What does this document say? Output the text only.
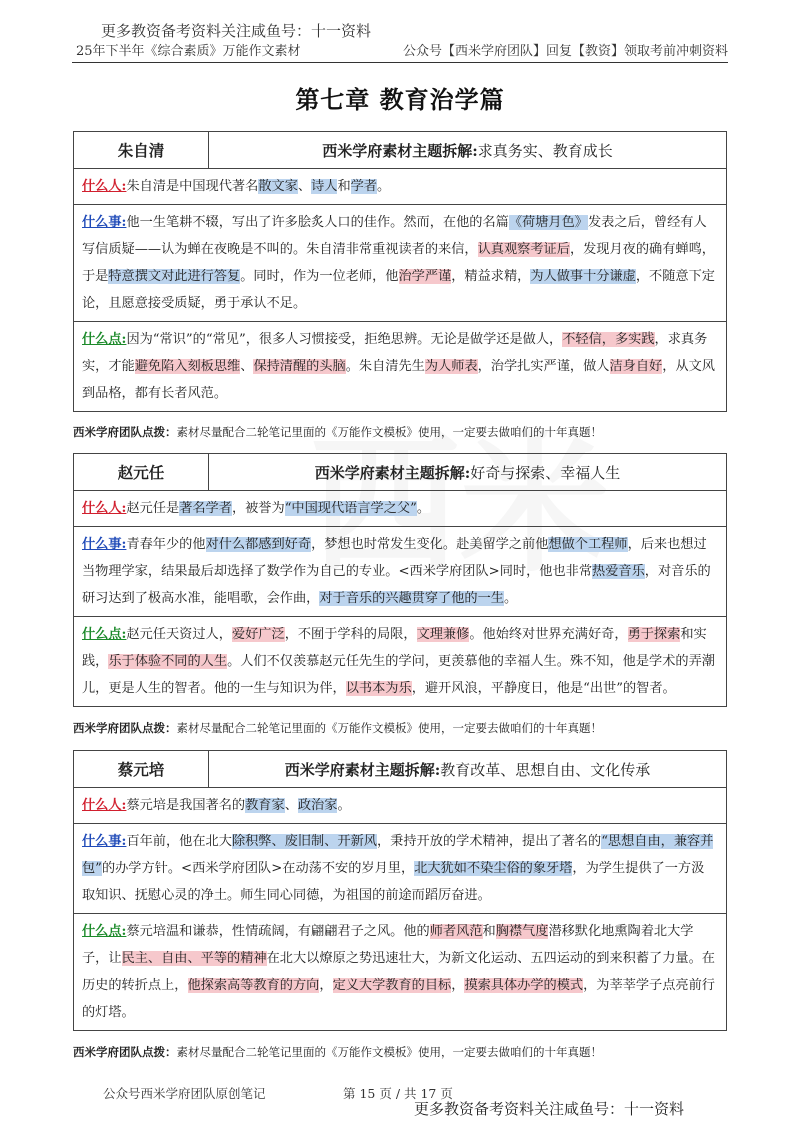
更多教资备考资料关注咸鱼号：十一资料
25年下半年《综合素质》万能作文素材	公众号【西米学府团队】回复【教资】领取考前冲刺资料
第七章 教育治学篇
朱自清	西米学府素材主题拆解: 求真务实、教育成长
什么人:朱自清是中国现代著名散文家、诗人和学者。
什么事:他一生笔耕不辍，写出了许多脍炙人口的佳作。然而，在他的名篇《荷塘月色》发表之后，曾经有人写信质疑——认为蝉在夜晚是不叫的。朱自清非常重视读者的来信，认真观察考证后，发现月夜的确有蝉鸣，于是特意撰文对此进行答复。同时，作为一位老师，他治学严谨，精益求精，为人做事十分谦虚，不随意下定论，且愿意接受质疑，勇于承认不足。
什么点:因为“常识”的“常见”，很多人习惯接受，拒绝思辨。无论是做学还是做人，不轻信，多实践，求真务实，才能避免陷入刻板思维、保持清醒的头脑。朱自清先生为人师表，治学扎实严谨，做人洁身自好，从文风到品格，都有长者风范。
西米学府团队点拨：素材尽量配合二轮笔记里面的《万能作文模板》使用，一定要去做咱们的十年真题！
赵元任	西米学府素材主题拆解: 好奇与探索、幸福人生
什么人:赵元任是著名学者，被誉为“中国现代语言学之父”。
什么事:青春年少的他对什么都感到好奇，梦想也时常发生变化。赴美留学之前他想做个工程师，后来也想过当物理学家，结果最后却选择了数学作为自己的专业。<西米学府团队>同时，他也非常热爱音乐，对音乐的研习达到了极高水准，能唱歌，会作曲，对于音乐的兴趣贯穿了他的一生。
什么点:赵元任天资过人，爱好广泛，不囿于学科的局限，文理兼修。他始终对世界充满好奇，勇于探索和实践，乐于体验不同的人生。人们不仅羡慕赵元任先生的学问，更羡慕他的幸福人生。殊不知，他是学术的弄潮儿，更是人生的智者。他的一生与知识为伴，以书本为乐，避开风浪，平静度日，他是“出世”的智者。
西米学府团队点拨：素材尽量配合二轮笔记里面的《万能作文模板》使用，一定要去做咱们的十年真题！
蔡元培	西米学府素材主题拆解: 教育改革、思想自由、文化传承
什么人:蔡元培是我国著名的教育家、政治家。
什么事:百年前，他在北大除积弊、废旧制、开新风，秉持开放的学术精神，提出了著名的“思想自由，兼容并包”的办学方针。<西米学府团队>在动荡不安的岁月里，北大犹如不染尘俗的象牙塔，为学生提供了一方汲取知识、抚慰心灵的净土。师生同心同德，为祖国的前途而蹈厉奋进。
什么点:蔡元培温和谦恭，性情疏阔，有翩翩君子之风。他的师者风范和胸襟气度潜移默化地熏陶着北大学子，让民主、自由、平等的精神在北大以燎原之势迅速壮大，为新文化运动、五四运动的到来积蓄了力量。在历史的转折点上，他探索高等教育的方向，定义大学教育的目标，摸索具体办学的模式，为莘莘学子点亮前行的灯塔。
西米学府团队点拨：素材尽量配合二轮笔记里面的《万能作文模板》使用，一定要去做咱们的十年真题！
公众号西米学府团队原创笔记	第 15 页 / 共 17 页
更多教资备考资料关注咸鱼号：十一资料
